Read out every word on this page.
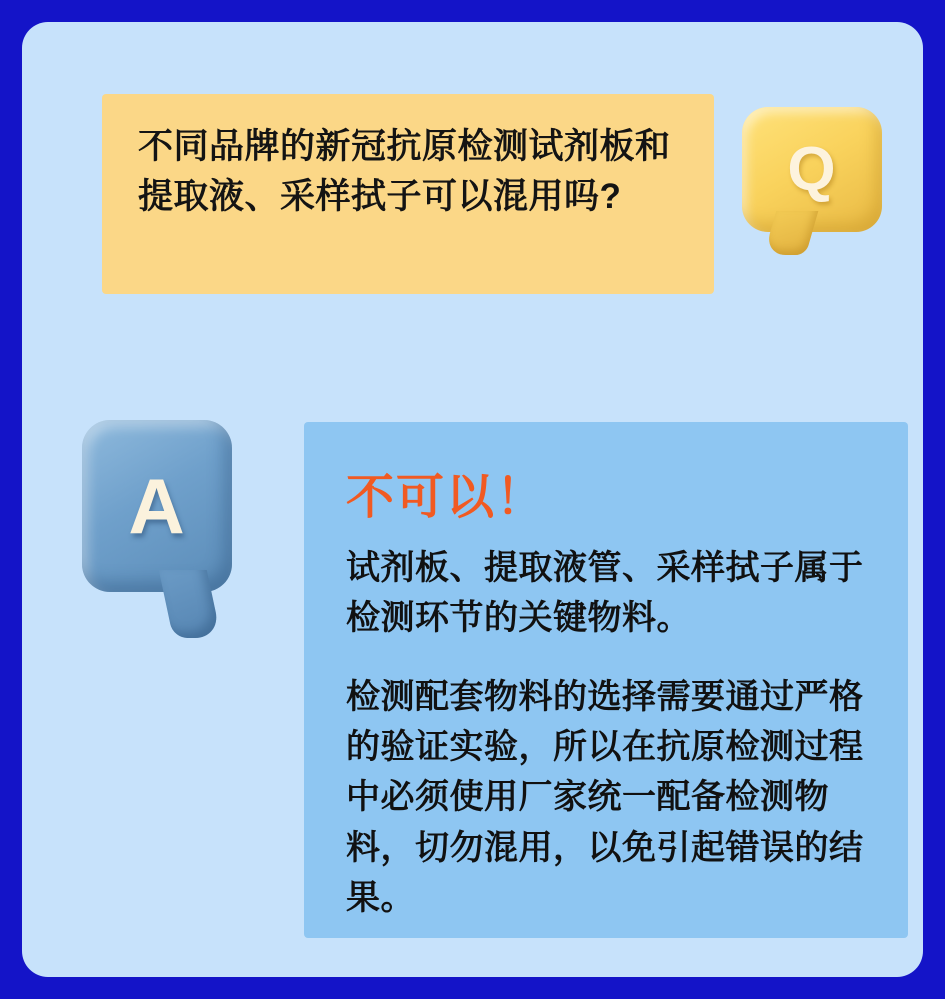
不同品牌的新冠抗原检测试剂板和提取液、采样拭子可以混用吗?	Q
A	不可以！

试剂板、提取液管、采样拭子属于检测环节的关键物料。

检测配套物料的选择需要通过严格的验证实验，所以在抗原检测过程中必须使用厂家统一配备检测物料，切勿混用，以免引起错误的结果。
